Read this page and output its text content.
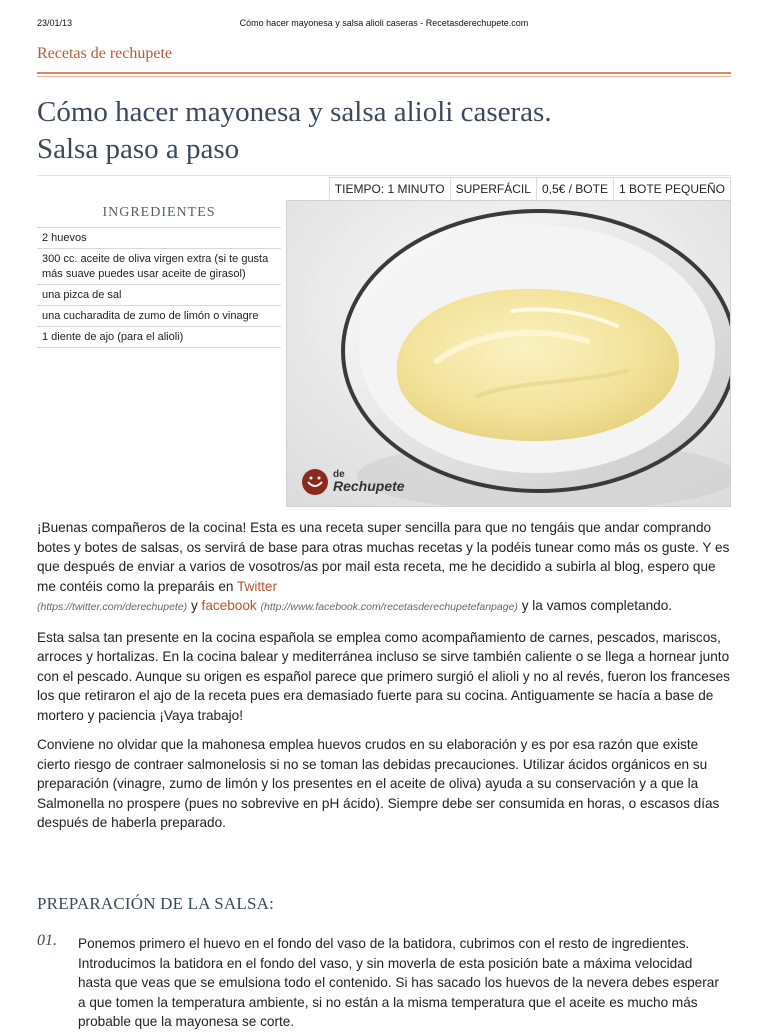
23/01/13	Cómo hacer mayonesa y salsa alioli caseras - Recetasderechupete.com
Recetas de rechupete
Cómo hacer mayonesa y salsa alioli caseras.
Salsa paso a paso
TIEMPO: 1 MINUTO SUPERFÁCIL 0,5€ / BOTE 1 BOTE PEQUEÑO
INGREDIENTES
2 huevos
300 cc. aceite de oliva virgen extra (si te gusta más suave puedes usar aceite de girasol)
una pizca de sal
una cucharadita de zumo de limón o vinagre
1 diente de ajo (para el alioli)
de
Rechupete

¡Buenas compañeros de la cocina! Esta es una receta super sencilla para que no tengáis que andar comprando botes y botes de salsas, os servirá de base para otras muchas recetas y la podéis tunear como más os guste. Y es que después de enviar a varios de vosotros/as por mail esta receta, me he decidido a subirla al blog, espero que me contéis como la preparáis en Twitter
(https://twitter.com/derechupete) y facebook (http://www.facebook.com/recetasderechupetefanpage) y la vamos completando.

Esta salsa tan presente en la cocina española se emplea como acompañamiento de carnes, pescados, mariscos, arroces y hortalizas. En la cocina balear y mediterránea incluso se sirve también caliente o se llega a hornear junto con el pescado. Aunque su origen es español parece que primero surgió el alioli y no al revés, fueron los franceses los que retiraron el ajo de la receta pues era demasiado fuerte para su cocina. Antiguamente se hacía a base de mortero y paciencia ¡Vaya trabajo!

Conviene no olvidar que la mahonesa emplea huevos crudos en su elaboración y es por esa razón que existe cierto riesgo de contraer salmonelosis si no se toman las debidas precauciones. Utilizar ácidos orgánicos en su preparación (vinagre, zumo de limón y los presentes en el aceite de oliva) ayuda a su conservación y a que la Salmonella no prospere (pues no sobrevive en pH ácido). Siempre debe ser consumida en horas, o escasos días después de haberla preparado.

PREPARACIÓN DE LA SALSA:
01. Ponemos primero el huevo en el fondo del vaso de la batidora, cubrimos con el resto de ingredientes. Introducimos la batidora en el fondo del vaso, y sin moverla de esta posición bate a máxima velocidad hasta que veas que se emulsiona todo el contenido. Si has sacado los huevos de la nevera debes esperar a que tomen la temperatura ambiente, si no están a la misma temperatura que el aceite es mucho más probable que la mayonesa se corte.
